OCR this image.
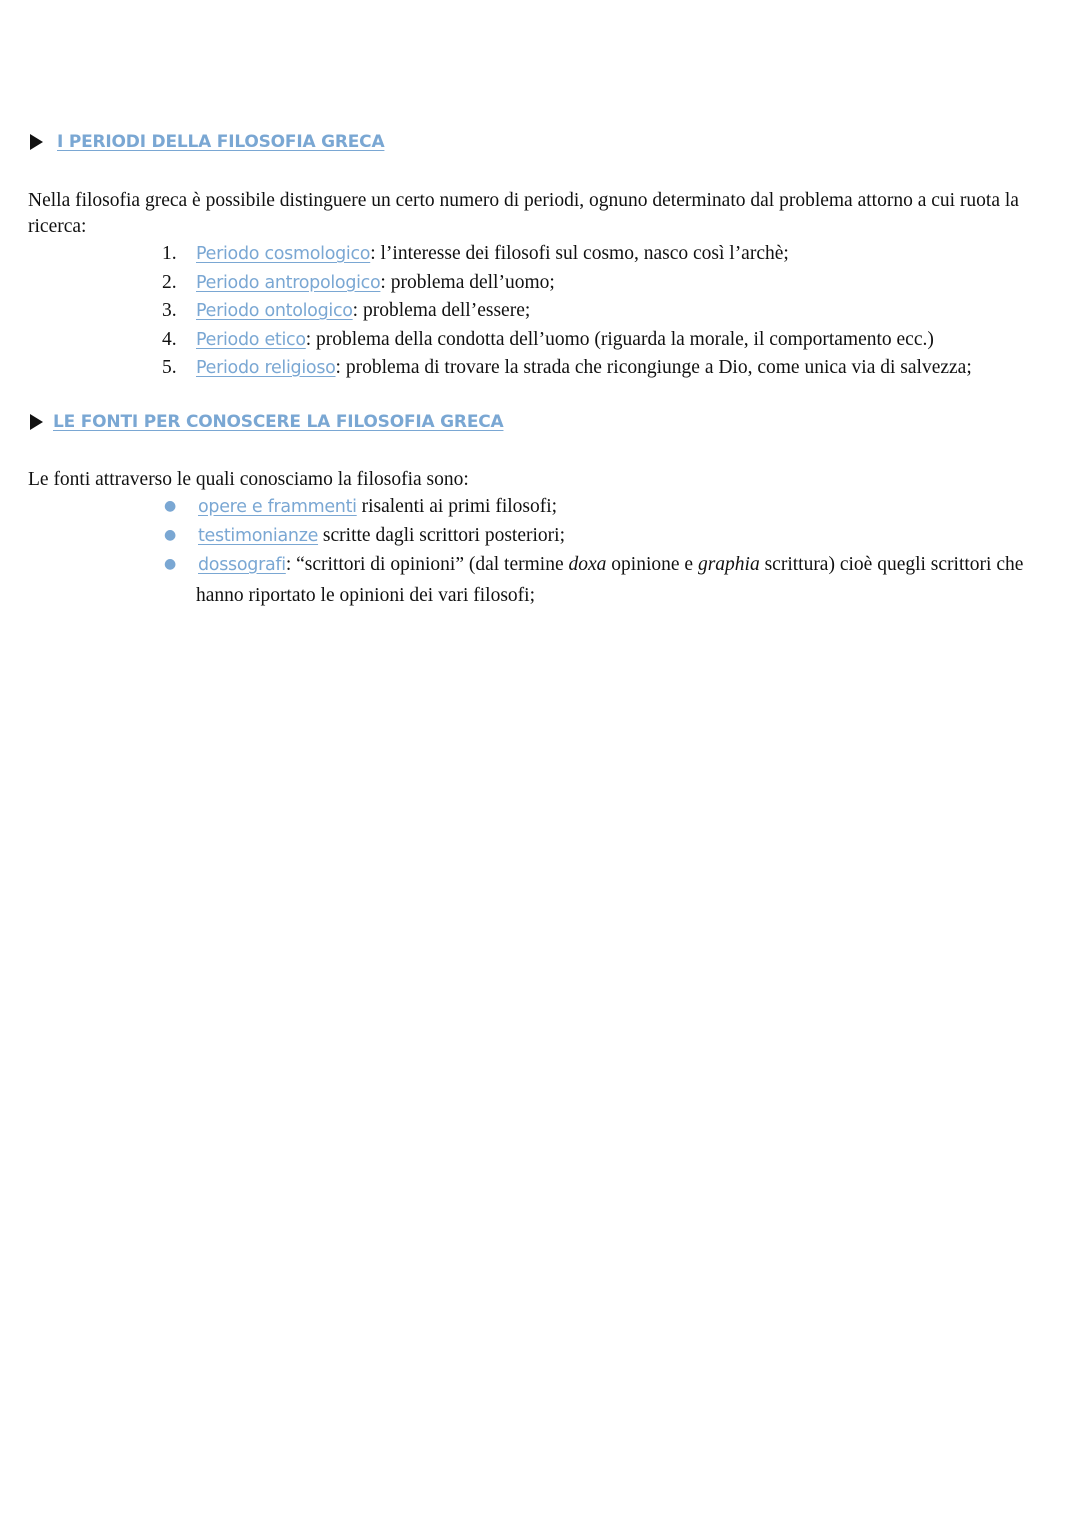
I PERIODI DELLA FILOSOFIA GRECA
Nella filosofia greca è possibile distinguere un certo numero di periodi, ognuno determinato dal problema attorno a cui ruota la ricerca:
1. Periodo cosmologico: l’interesse dei filosofi sul cosmo, nasco così l’archè;
2. Periodo antropologico: problema dell’uomo;
3. Periodo ontologico: problema dell’essere;
4. Periodo etico: problema della condotta dell’uomo (riguarda la morale, il comportamento ecc.)
5. Periodo religioso: problema di trovare la strada che ricongiunge a Dio, come unica via di salvezza;
LE FONTI PER CONOSCERE LA FILOSOFIA GRECA
Le fonti attraverso le quali conosciamo la filosofia sono:
● opere e frammenti risalenti ai primi filosofi;
● testimonianze scritte dagli scrittori posteriori;
● dossografi: “scrittori di opinioni” (dal termine doxa opinione e graphia scrittura) cioè quegli scrittori che
hanno riportato le opinioni dei vari filosofi;
